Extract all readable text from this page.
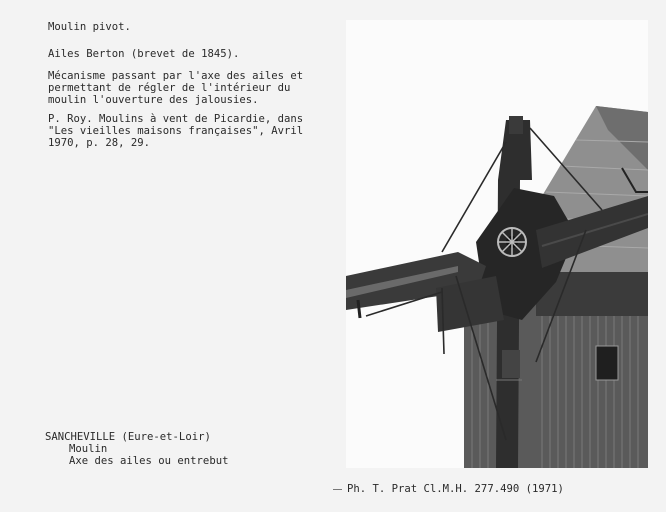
Moulin pivot.
Ailes Berton (brevet de 1845).
Mécanisme passant par l'axe des ailes et
permettant de régler de l'intérieur du
moulin l'ouverture des jalousies.
P. Roy. Moulins à vent de Picardie, dans
"Les vieilles maisons françaises", Avril
1970, p. 28, 29.
SANCHEVILLE (Eure-et-Loir)
Moulin
Axe des ailes ou entrebut
Ph. T. Prat Cl.M.H. 277.490 (1971)
